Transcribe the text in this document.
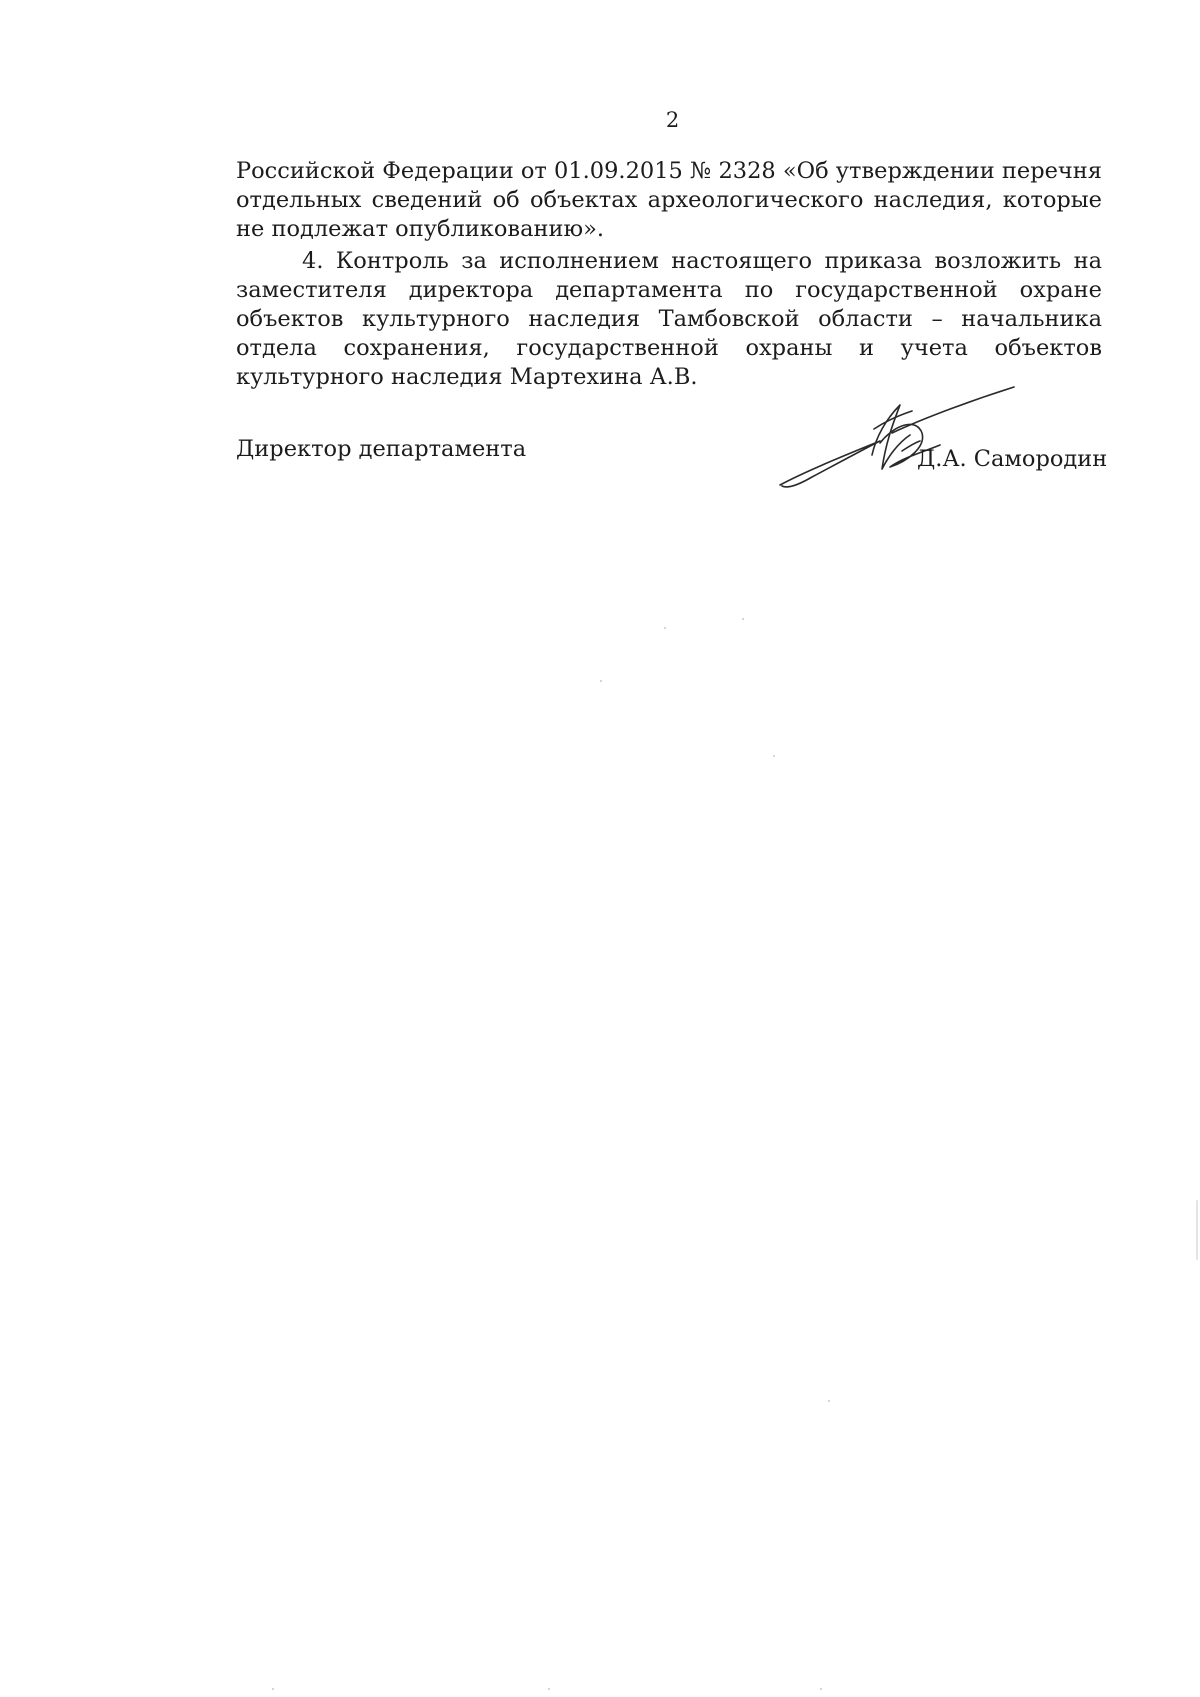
2
Российской Федерации от 01.09.2015 № 2328 «Об утверждении перечня отдельных сведений об объектах археологического наследия, которые не подлежат опубликованию».
4. Контроль за исполнением настоящего приказа возложить на заместителя директора департамента по государственной охране объектов культурного наследия Тамбовской области – начальника отдела сохранения, государственной охраны и учета объектов культурного наследия Мартехина А.В.
Директор департамента	Д.А. Самородин
